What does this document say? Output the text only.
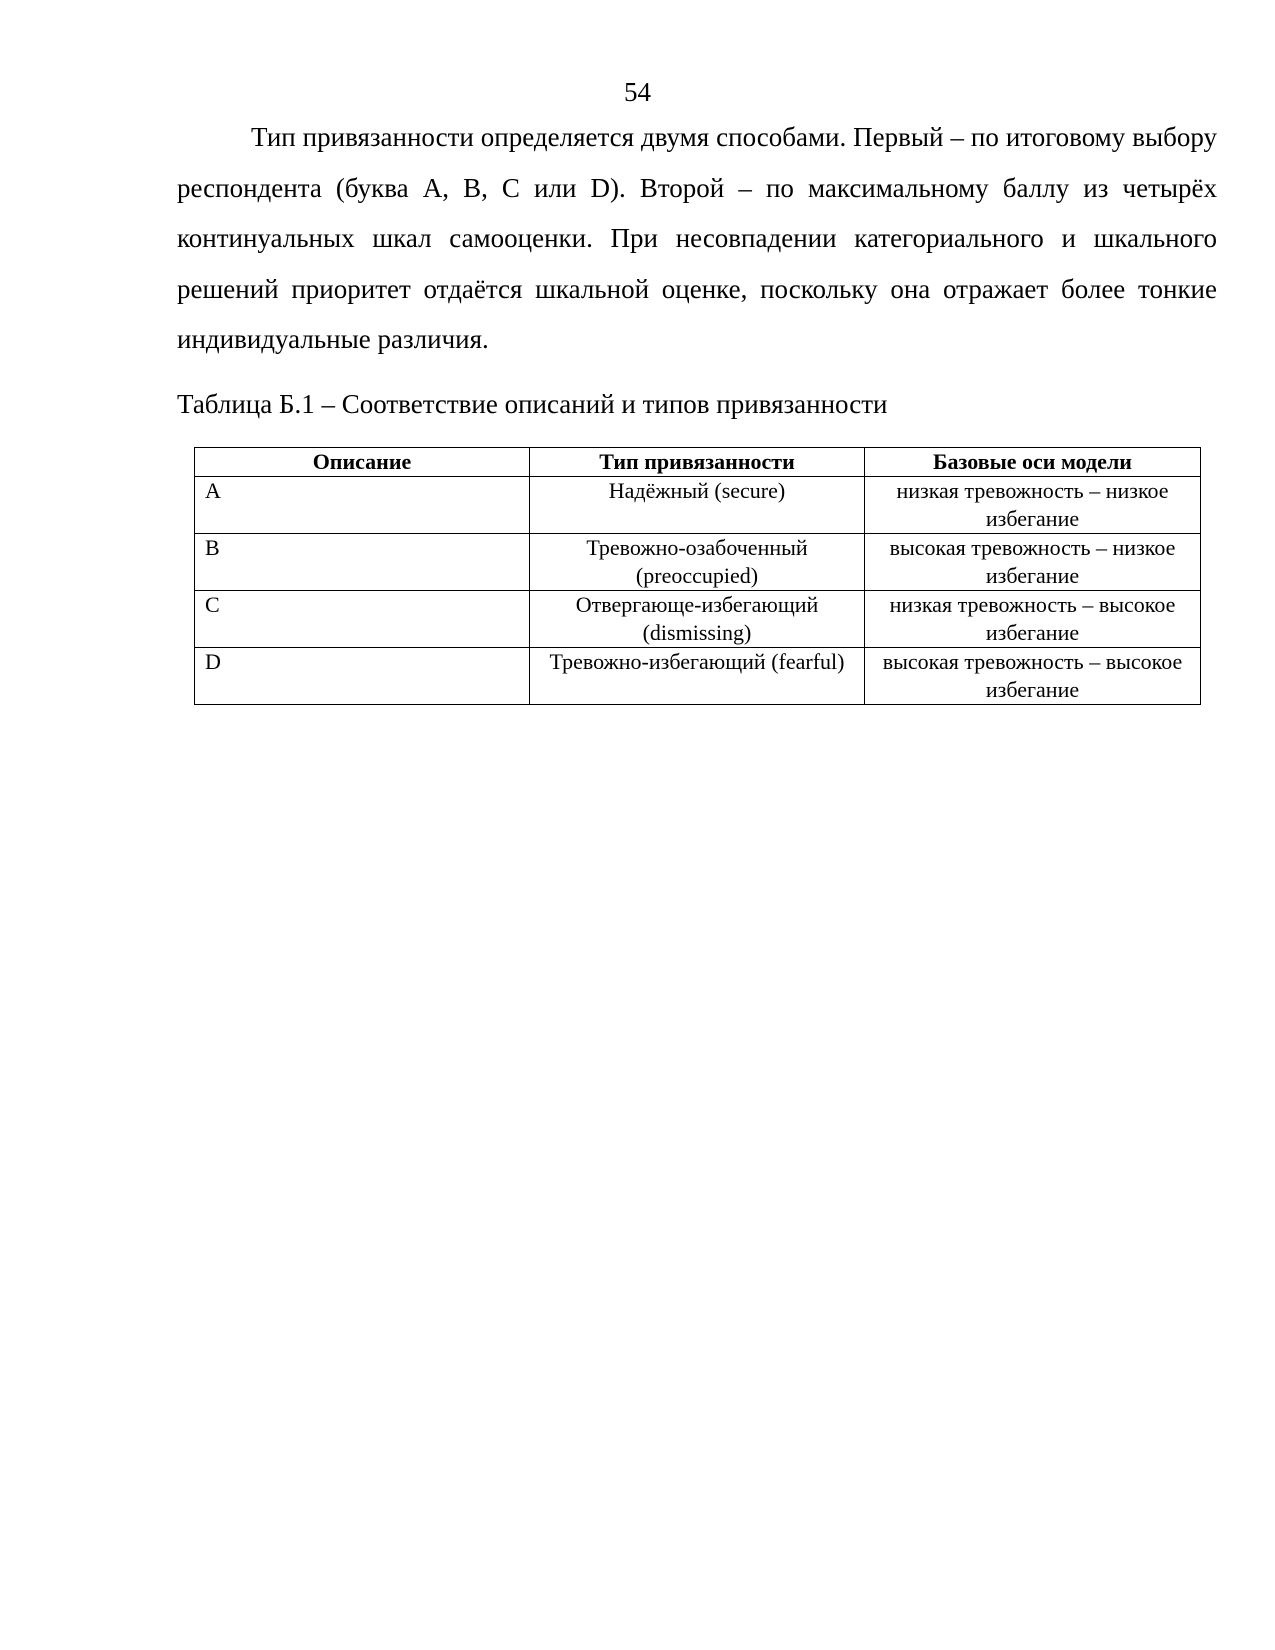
54

Тип привязанности определяется двумя способами. Первый – по итоговому выбору респондента (буква A, B, C или D). Второй – по максимальному баллу из четырёх континуальных шкал самооценки. При несовпадении категориального и шкального решений приоритет отдаётся шкальной оценке, поскольку она отражает более тонкие индивидуальные различия.

Таблица Б.1 – Соответствие описаний и типов привязанности

Описание	Тип привязанности	Базовые оси модели
A	Надёжный (secure)	низкая тревожность – низкое избегание
B	Тревожно-озабоченный (preoccupied)	высокая тревожность – низкое избегание
C	Отвергающе-избегающий (dismissing)	низкая тревожность – высокое избегание
D	Тревожно-избегающий (fearful)	высокая тревожность – высокое избегание
